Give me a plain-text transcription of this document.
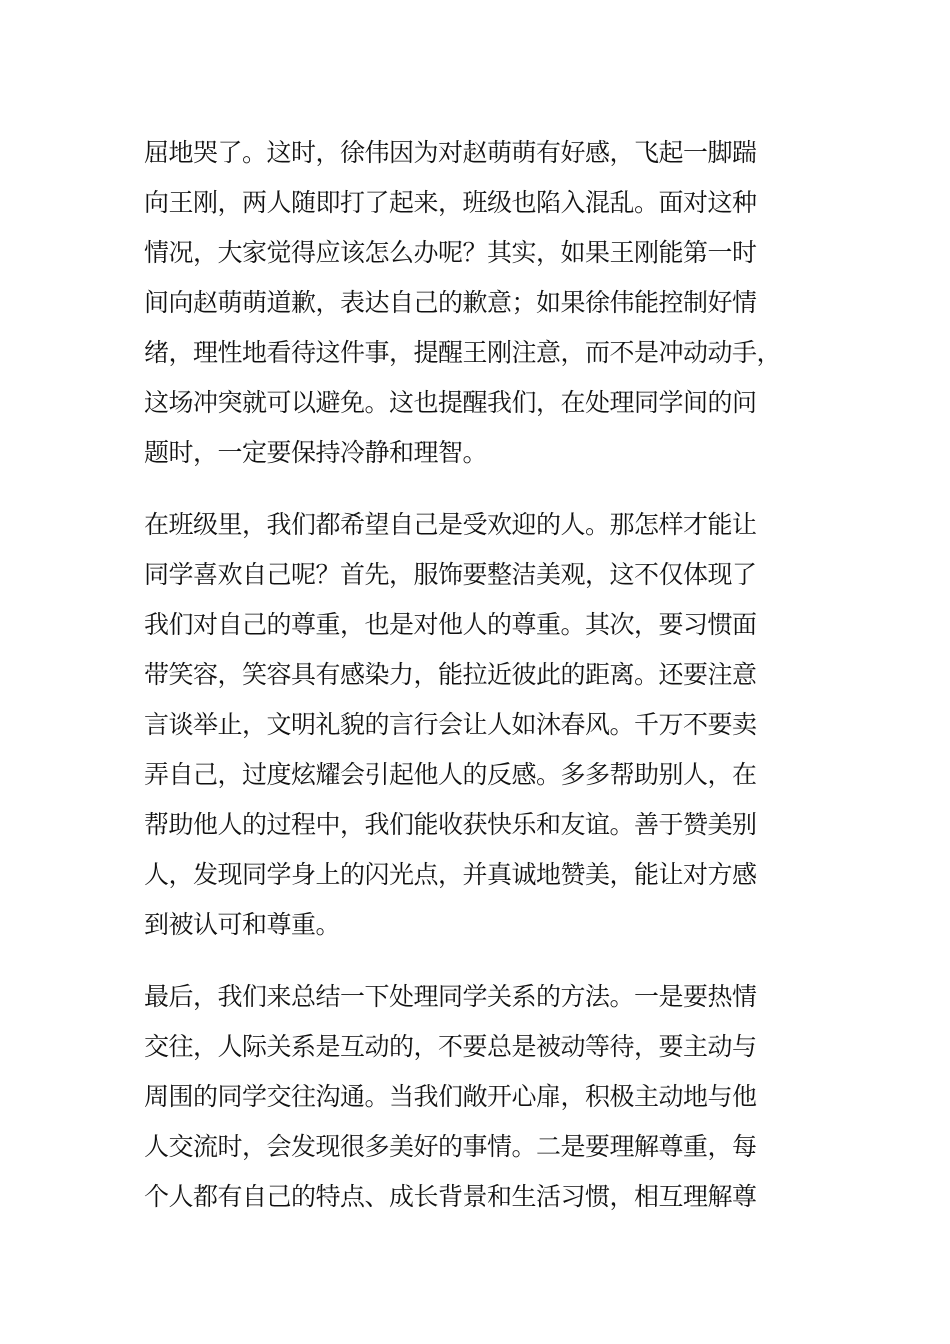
屈地哭了。这时，徐伟因为对赵萌萌有好感，飞起一脚踹
向王刚，两人随即打了起来，班级也陷入混乱。面对这种
情况，大家觉得应该怎么办呢？其实，如果王刚能第一时
间向赵萌萌道歉，表达自己的歉意；如果徐伟能控制好情
绪，理性地看待这件事，提醒王刚注意，而不是冲动动手，
这场冲突就可以避免。这也提醒我们，在处理同学间的问
题时，一定要保持冷静和理智。
在班级里，我们都希望自己是受欢迎的人。那怎样才能让
同学喜欢自己呢？首先，服饰要整洁美观，这不仅体现了
我们对自己的尊重，也是对他人的尊重。其次，要习惯面
带笑容，笑容具有感染力，能拉近彼此的距离。还要注意
言谈举止，文明礼貌的言行会让人如沐春风。千万不要卖
弄自己，过度炫耀会引起他人的反感。多多帮助别人，在
帮助他人的过程中，我们能收获快乐和友谊。善于赞美别
人，发现同学身上的闪光点，并真诚地赞美，能让对方感
到被认可和尊重。
最后，我们来总结一下处理同学关系的方法。一是要热情
交往，人际关系是互动的，不要总是被动等待，要主动与
周围的同学交往沟通。当我们敞开心扉，积极主动地与他
人交流时，会发现很多美好的事情。二是要理解尊重，每
个人都有自己的特点、成长背景和生活习惯，相互理解尊
